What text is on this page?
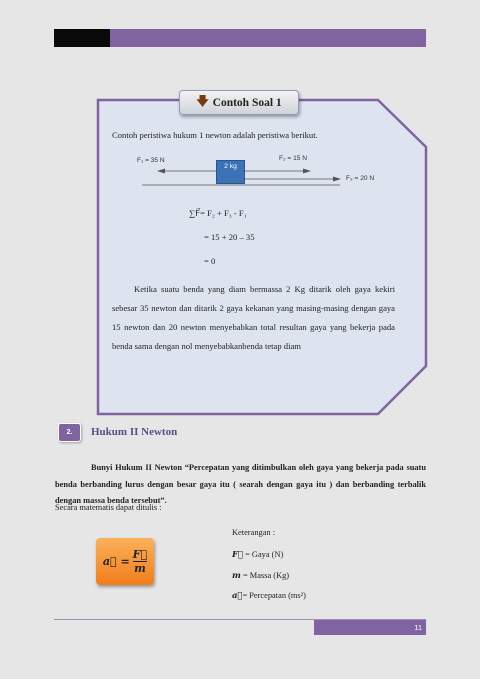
🡇 Contoh Soal 1
Contoh peristiwa hukum 1 newton adalah peristiwa berikut.
F₁ = 35 N	F₂ = 15 N
F₃ = 20 N
2 kg
∑F⃗= F₂ + F₃ - F₁
= 15 + 20 – 35
= 0
Ketika suatu benda yang diam bermassa 2 Kg ditarik oleh gaya kekiri sebesar 35 newton dan ditarik 2 gaya kekanan yang masing-masing dengan gaya 15 newton dan 20 newton menyebabkan total resultan gaya yang bekerja pada benda sama dengan nol menyebabkanbenda tetap diam
2.	Hukum II Newton
Bunyi Hukum II Newton “Percepatan yang ditimbulkan oleh gaya yang bekerja pada suatu benda berbanding lurus dengan besar gaya itu ( searah dengan gaya itu ) dan berbanding terbalik dengan massa benda tersebut”.
Secara matematis dapat ditulis :
a⃗ = $\frac{F⃗}{m}$
Keterangan :
F⃗ = Gaya (N)
m = Massa (Kg)
a⃗= Percepatan (ms²)
11
